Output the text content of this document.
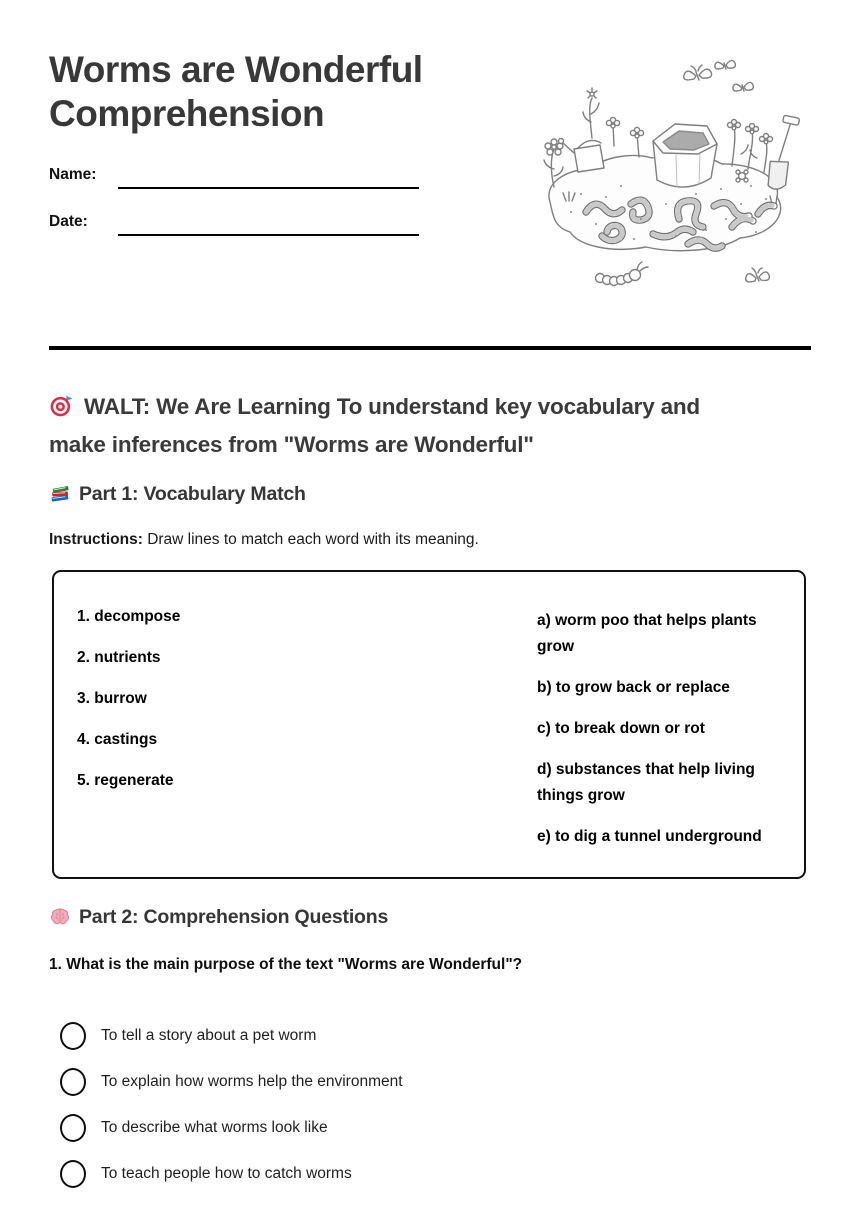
Worms are Wonderful Comprehension
Name:
Date:
WALT: We Are Learning To understand key vocabulary and
make inferences from "Worms are Wonderful"
Part 1: Vocabulary Match
Instructions: Draw lines to match each word with its meaning.
1. decompose
2. nutrients
3. burrow
4. castings
5. regenerate
a) worm poo that helps plants grow
b) to grow back or replace
c) to break down or rot
d) substances that help living things grow
e) to dig a tunnel underground
Part 2: Comprehension Questions
1. What is the main purpose of the text "Worms are Wonderful"?
To tell a story about a pet worm
To explain how worms help the environment
To describe what worms look like
To teach people how to catch worms
